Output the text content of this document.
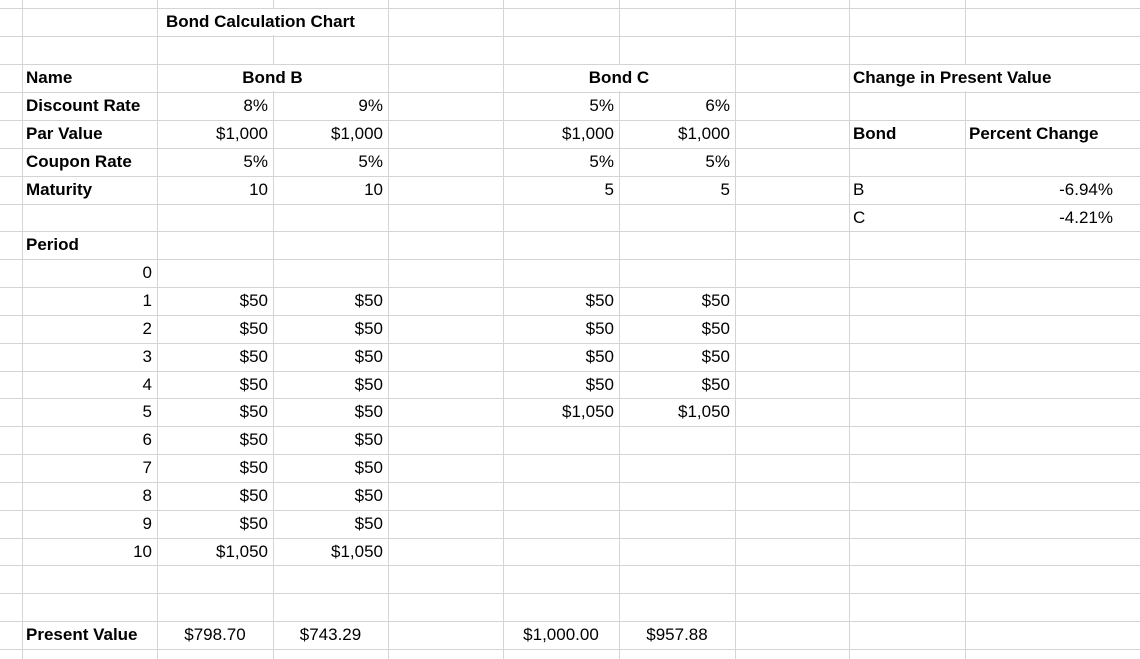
Bond Calculation Chart
Name	Bond B	Bond C	Change in Present Value
Discount Rate	8%	9%	5%	6%
Par Value	$1,000	$1,000	$1,000	$1,000	Bond	Percent Change
Coupon Rate	5%	5%	5%	5%
Maturity	10	10	5	5	B	-6.94%
C	-4.21%
Period
0
1	$50	$50	$50	$50
2	$50	$50	$50	$50
3	$50	$50	$50	$50
4	$50	$50	$50	$50
5	$50	$50	$1,050	$1,050
6	$50	$50
7	$50	$50
8	$50	$50
9	$50	$50
10	$1,050	$1,050
Present Value	$798.70	$743.29	$1,000.00	$957.88
